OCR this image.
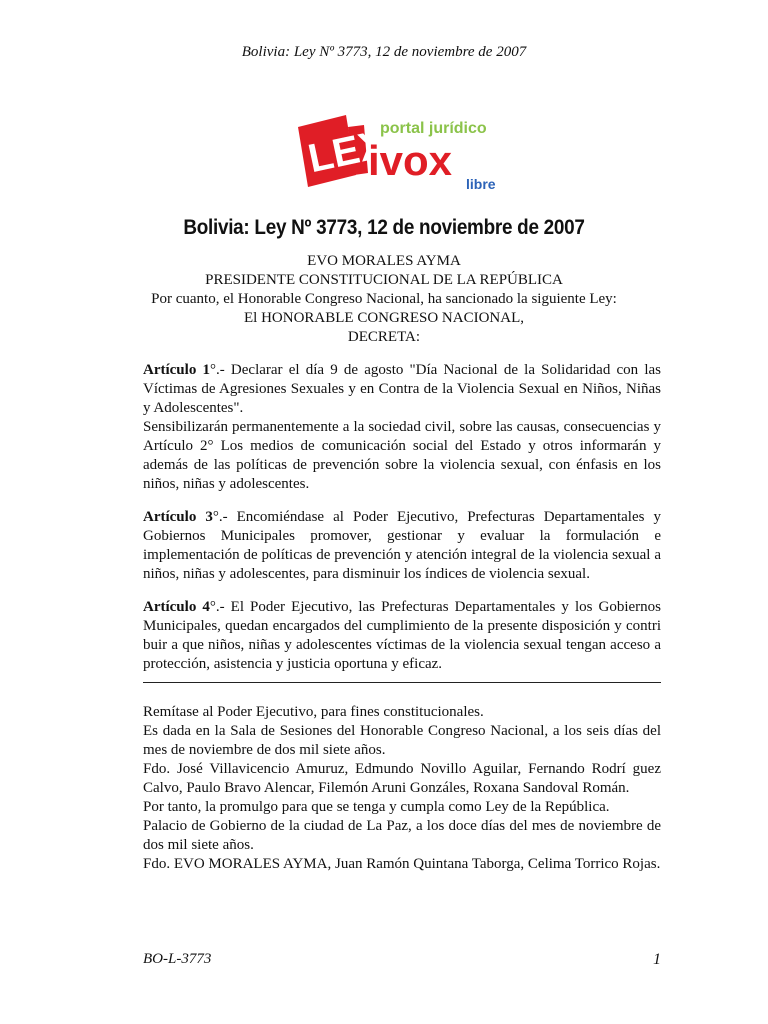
Bolivia: Ley Nº 3773, 12 de noviembre de 2007
LEX
portal jurídico
ivox libre
Bolivia: Ley Nº 3773, 12 de noviembre de 2007
EVO MORALES AYMA
PRESIDENTE CONSTITUCIONAL DE LA REPÚBLICA
Por cuanto, el Honorable Congreso Nacional, ha sancionado la siguiente Ley:
El HONORABLE CONGRESO NACIONAL,
DECRETA:

Artículo 1°.- Declarar el día 9 de agosto "Día Nacional de la Solidaridad con las Víctimas de Agresiones Sexuales y en Contra de la Violencia Sexual en Niños, Niñas y Adolescentes".

Sensibilizarán permanentemente a la sociedad civil, sobre las causas, consecuencias y Artículo 2° Los medios de comunicación social del Estado y otros informarán y además de las políticas de prevención sobre la violencia sexual, con énfasis en los niños, niñas y adolescentes.

Artículo 3°.- Encomiéndase al Poder Ejecutivo, Prefecturas Departamentales y Gobiernos Municipales promover, gestionar y evaluar la formulación e implementación de políticas de prevención y atención integral de la violencia sexual a niños, niñas y adolescentes, para disminuir los índices de violencia sexual.

Artículo 4°.- El Poder Ejecutivo, las Prefecturas Departamentales y los Gobiernos Municipales, quedan encargados del cumplimiento de la presente disposición y contri buir a que niños, niñas y adolescentes víctimas de la violencia sexual tengan acceso a protección, asistencia y justicia oportuna y eficaz.

Remítase al Poder Ejecutivo, para fines constitucionales.

Es dada en la Sala de Sesiones del Honorable Congreso Nacional, a los seis días del mes de noviembre de dos mil siete años.

Fdo. José Villavicencio Amuruz, Edmundo Novillo Aguilar, Fernando Rodrí guez Calvo, Paulo Bravo Alencar, Filemón Aruni Gonzáles, Roxana Sandoval Román.

Por tanto, la promulgo para que se tenga y cumpla como Ley de la República.

Palacio de Gobierno de la ciudad de La Paz, a los doce días del mes de noviembre de dos mil siete años.

Fdo. EVO MORALES AYMA, Juan Ramón Quintana Taborga, Celima Torrico Rojas.

BO-L-3773	1
